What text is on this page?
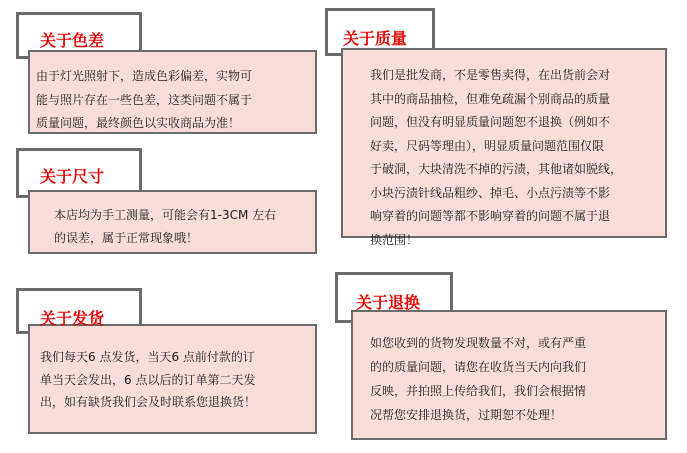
关于色差
由于灯光照射下，造成色彩偏差，实物可
能与照片存在一些色差，这类问题不属于
质量问题，最终颜色以实收商品为准！
关于尺寸
本店均为手工测量，可能会有1-3CM 左右
的误差，属于正常现象哦！
关于发货
我们每天6 点发货，当天6 点前付款的订
单当天会发出，6 点以后的订单第二天发
出，如有缺货我们会及时联系您退换货！
关于质量
我们是批发商，不是零售卖得，在出货前会对
其中的商品抽检，但难免疏漏个别商品的质量
问题，但没有明显质量问题恕不退换（例如不
好卖，尺码等理由），明显质量问题范围仅限
于破洞，大块清洗不掉的污渍，其他诸如脱线，
小块污渍针线品粗纱、掉毛、小点污渍等不影
响穿着的问题等都不影响穿着的问题不属于退
换范围！
关于退换
如您收到的货物发现数量不对，或有严重
的的质量问题，请您在收货当天内向我们
反映，并拍照上传给我们，我们会根据情
况帮您安排退换货，过期恕不处理！
